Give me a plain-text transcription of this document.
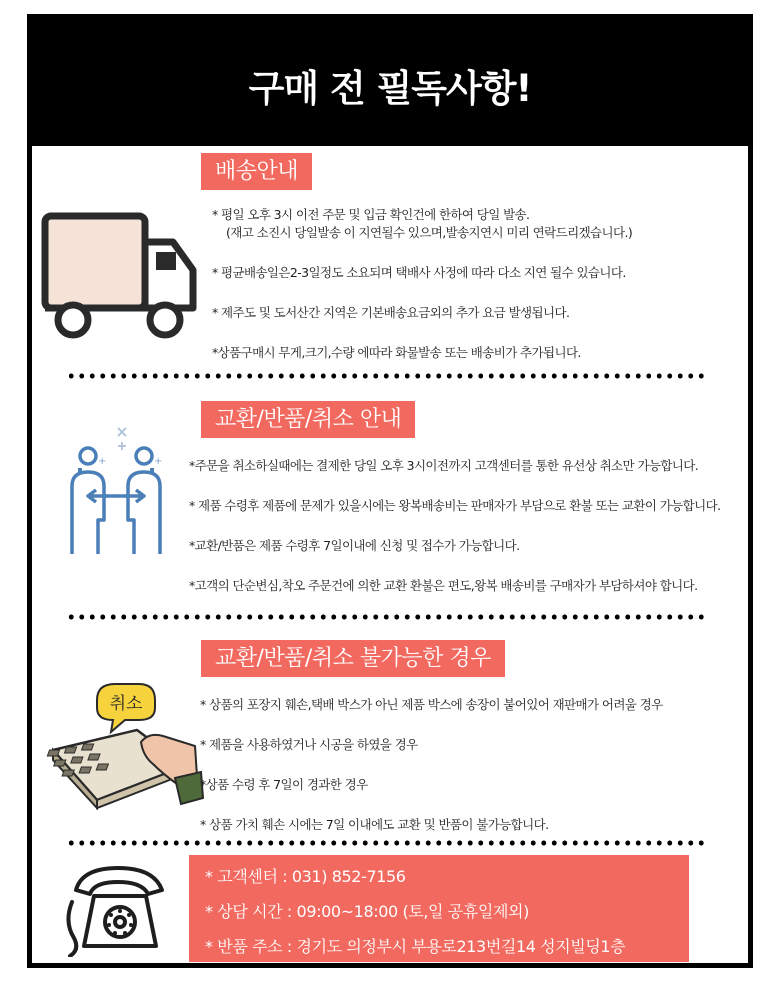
구매 전 필독사항!
배송안내
* 평일 오후 3시 이전 주문 및 입금 확인건에 한하여 당일 발송.
(재고 소진시 당일발송 이 지연될수 있으며,발송지연시 미리 연락드리겠습니다.)
* 평균배송일은2-3일정도 소요되며 택배사 사정에 따라 다소 지연 될수 있습니다.
* 제주도 및 도서산간 지역은 기본배송요금외의 추가 요금 발생됩니다.
*상품구매시 무게,크기,수량 에따라 화물발송 또는 배송비가 추가됩니다.
교환/반품/취소 안내
+	+ *주문을 취소하실때에는 결제한 당일 오후 3시이전까지 고객센터를 통한 유선상 취소만 가능합니다.
* 제품 수령후 제품에 문제가 있을시에는 왕복배송비는 판매자가 부담으로 환불 또는 교환이 가능합니다.
*교환/반품은 제품 수령후 7일이내에 신청 및 접수가 가능합니다.
*고객의 단순변심,착오 주문건에 의한 교환 환불은 편도,왕복 배송비를 구매자가 부담하셔야 합니다.
교환/반품/취소 불가능한 경우
취소	* 상품의 포장지 훼손,택배 박스가 아닌 제품 박스에 송장이 붙어있어 재판매가 어려울 경우
* 제품을 사용하였거나 시공을 하였을 경우
*상품 수령 후 7일이 경과한 경우
* 상품 가치 훼손 시에는 7일 이내에도 교환 및 반품이 불가능합니다.
* 고객센터 : 031) 852-7156
* 상담 시간 : 09:00~18:00 (토,일 공휴일제외)
* 반품 주소 : 경기도 의정부시 부용로213번길14 성지빌딩1층
